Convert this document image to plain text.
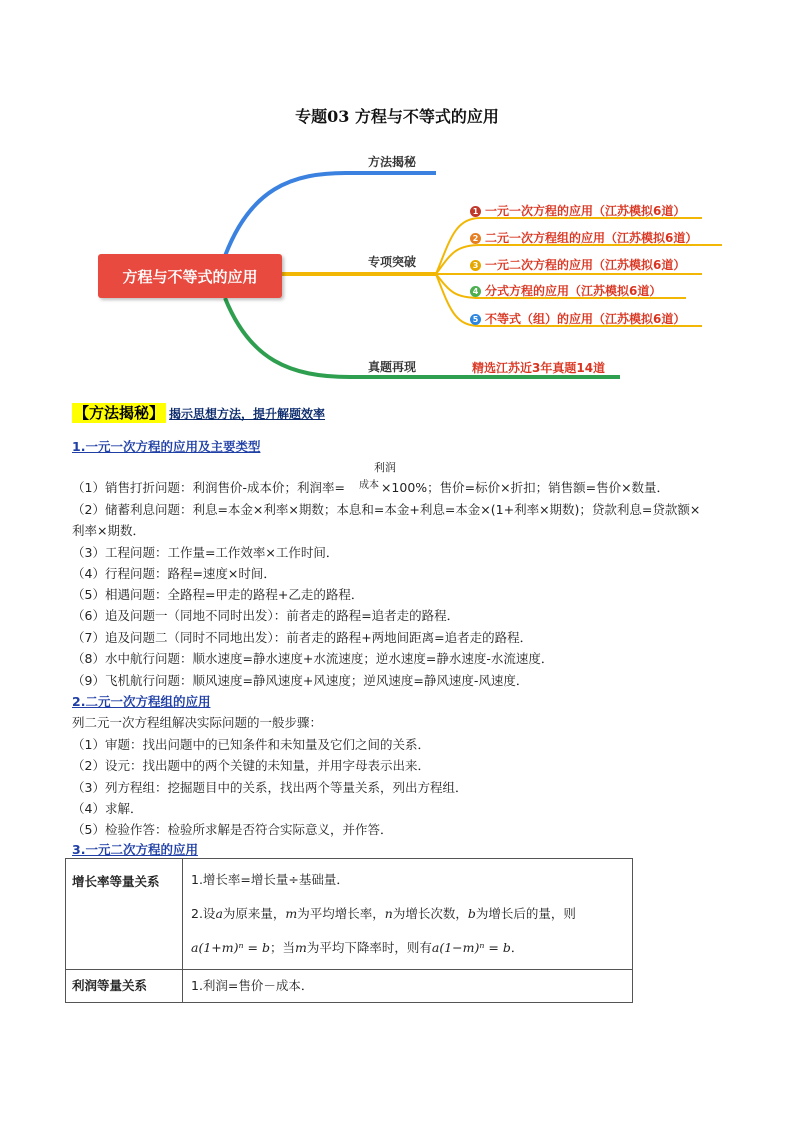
专题03 方程与不等式的应用
方程与不等式的应用
方法揭秘
专项突破
真题再现
1 一元一次方程的应用（江苏模拟6道）
2 二元一次方程组的应用（江苏模拟6道）
3 一元二次方程的应用（江苏模拟6道）
4 分式方程的应用（江苏模拟6道）
5 不等式（组）的应用（江苏模拟6道）
精选江苏近3年真题14道
【方法揭秘】 揭示思想方法，提升解题效率
1.一元一次方程的应用及主要类型
利润
（1）销售打折问题：利润售价-成本价；利润率=	×100%；售价=标价×折扣；销售额=售价×数量．
成本
（2）储蓄利息问题：利息=本金×利率×期数；本息和=本金+利息=本金×(1+利率×期数)；贷款利息=贷款额×
利率×期数．
（3）工程问题：工作量=工作效率×工作时间．
（4）行程问题：路程=速度×时间．
（5）相遇问题：全路程=甲走的路程+乙走的路程．
（6）追及问题一（同地不同时出发）：前者走的路程=追者走的路程．
（7）追及问题二（同时不同地出发）：前者走的路程+两地间距离=追者走的路程．
（8）水中航行问题：顺水速度=静水速度+水流速度；逆水速度=静水速度-水流速度．
（9）飞机航行问题：顺风速度=静风速度+风速度；逆风速度=静风速度-风速度．
2.二元一次方程组的应用
列二元一次方程组解决实际问题的一般步骤：
（1）审题：找出问题中的已知条件和未知量及它们之间的关系．
（2）设元：找出题中的两个关键的未知量，并用字母表示出来．
（3）列方程组：挖掘题目中的关系，找出两个等量关系，列出方程组．
（4）求解．
（5）检验作答：检验所求解是否符合实际意义，并作答．
3.一元二次方程的应用
增长率等量关系	1.增长率=增长量÷基础量．
2.设a为原来量，m为平均增长率，n为增长次数，b为增长后的量，则
a(1+m)ⁿ = b；当m为平均下降率时，则有a(1−m)ⁿ = b．

利润等量关系	1.利润=售价－成本．
